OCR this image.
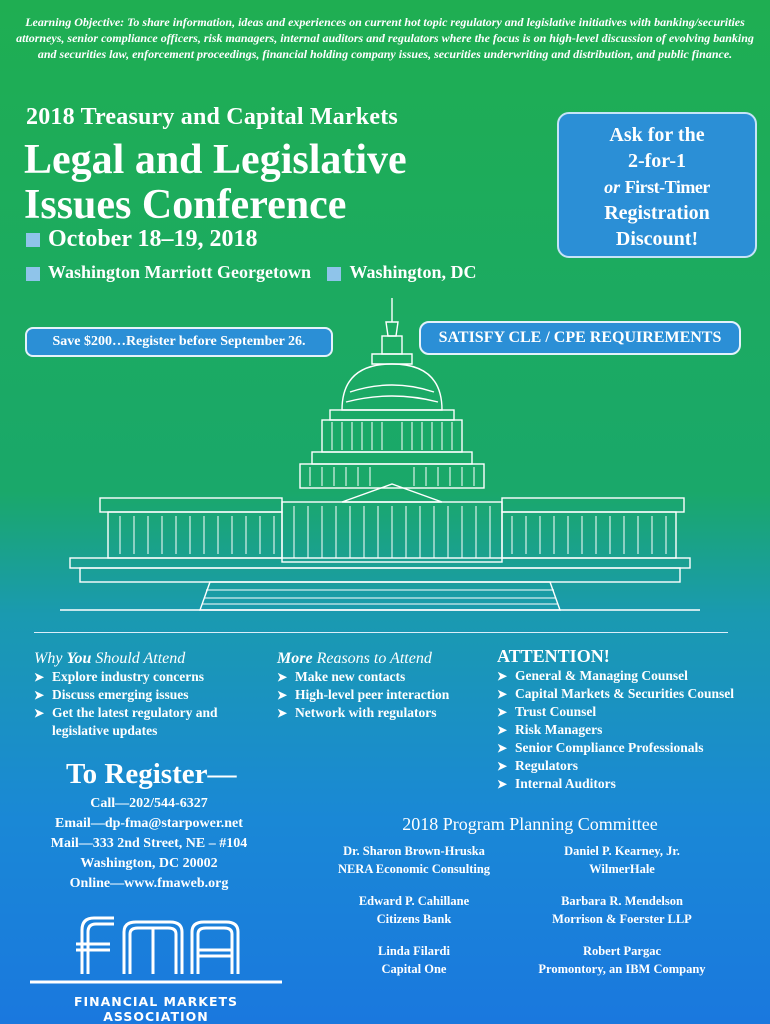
Learning Objective: To share information, ideas and experiences on current hot topic regulatory and legislative initiatives with banking/securities attorneys, senior compliance officers, risk managers, internal auditors and regulators where the focus is on high-level discussion of evolving banking and securities law, enforcement proceedings, financial holding company issues, securities underwriting and distribution, and public finance.
2018 Treasury and Capital Markets
Legal and Legislative
Issues Conference
October 18–19, 2018
Washington Marriott Georgetown Washington, DC
Ask for the
2-for-1
or First-Timer
Registration
Discount!
Save $200…Register before September 26.	SATISFY CLE / CPE REQUIREMENTS
Why You Should Attend
➤ Explore industry concerns
➤ Discuss emerging issues
➤ Get the latest regulatory and legislative updates
More Reasons to Attend
➤ Make new contacts
➤ High-level peer interaction
➤ Network with regulators
ATTENTION!
➤ General & Managing Counsel
➤ Capital Markets & Securities Counsel
➤ Trust Counsel
➤ Risk Managers
➤ Senior Compliance Professionals
➤ Regulators
➤ Internal Auditors
To Register—
Call—202/544-6327
Email—dp-fma@starpower.net
Mail—333 2nd Street, NE – #104
Washington, DC 20002
Online—www.fmaweb.org
2018 Program Planning Committee
Dr. Sharon Brown-Hruska
NERA Economic Consulting
Daniel P. Kearney, Jr.
WilmerHale
Edward P. Cahillane
Citizens Bank
Barbara R. Mendelson
Morrison & Foerster LLP
Linda Filardi
Capital One
Robert Pargac
Promontory, an IBM Company
FINANCIAL MARKETS ASSOCIATION
